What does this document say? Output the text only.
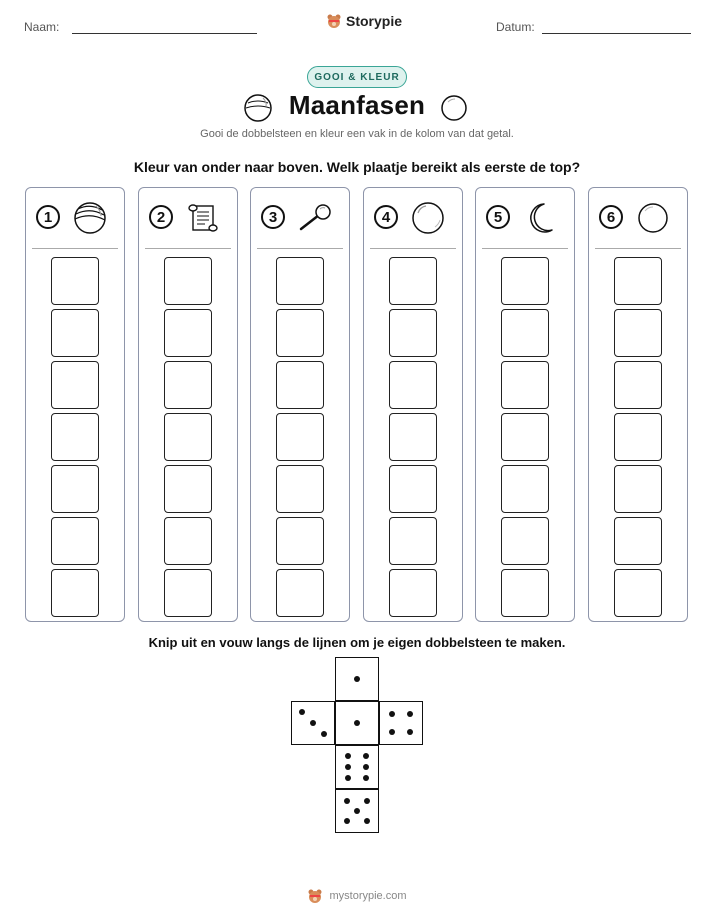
Naam:	Storypie	Datum:
GOOI & KLEUR
Maanfasen
Gooi de dobbelsteen en kleur een vak in de kolom van dat getal.
Kleur van onder naar boven. Welk plaatje bereikt als eerste de top?
1	2	3	4	5	6
Knip uit en vouw langs de lijnen om je eigen dobbelsteen te maken.
mystorypie.com
